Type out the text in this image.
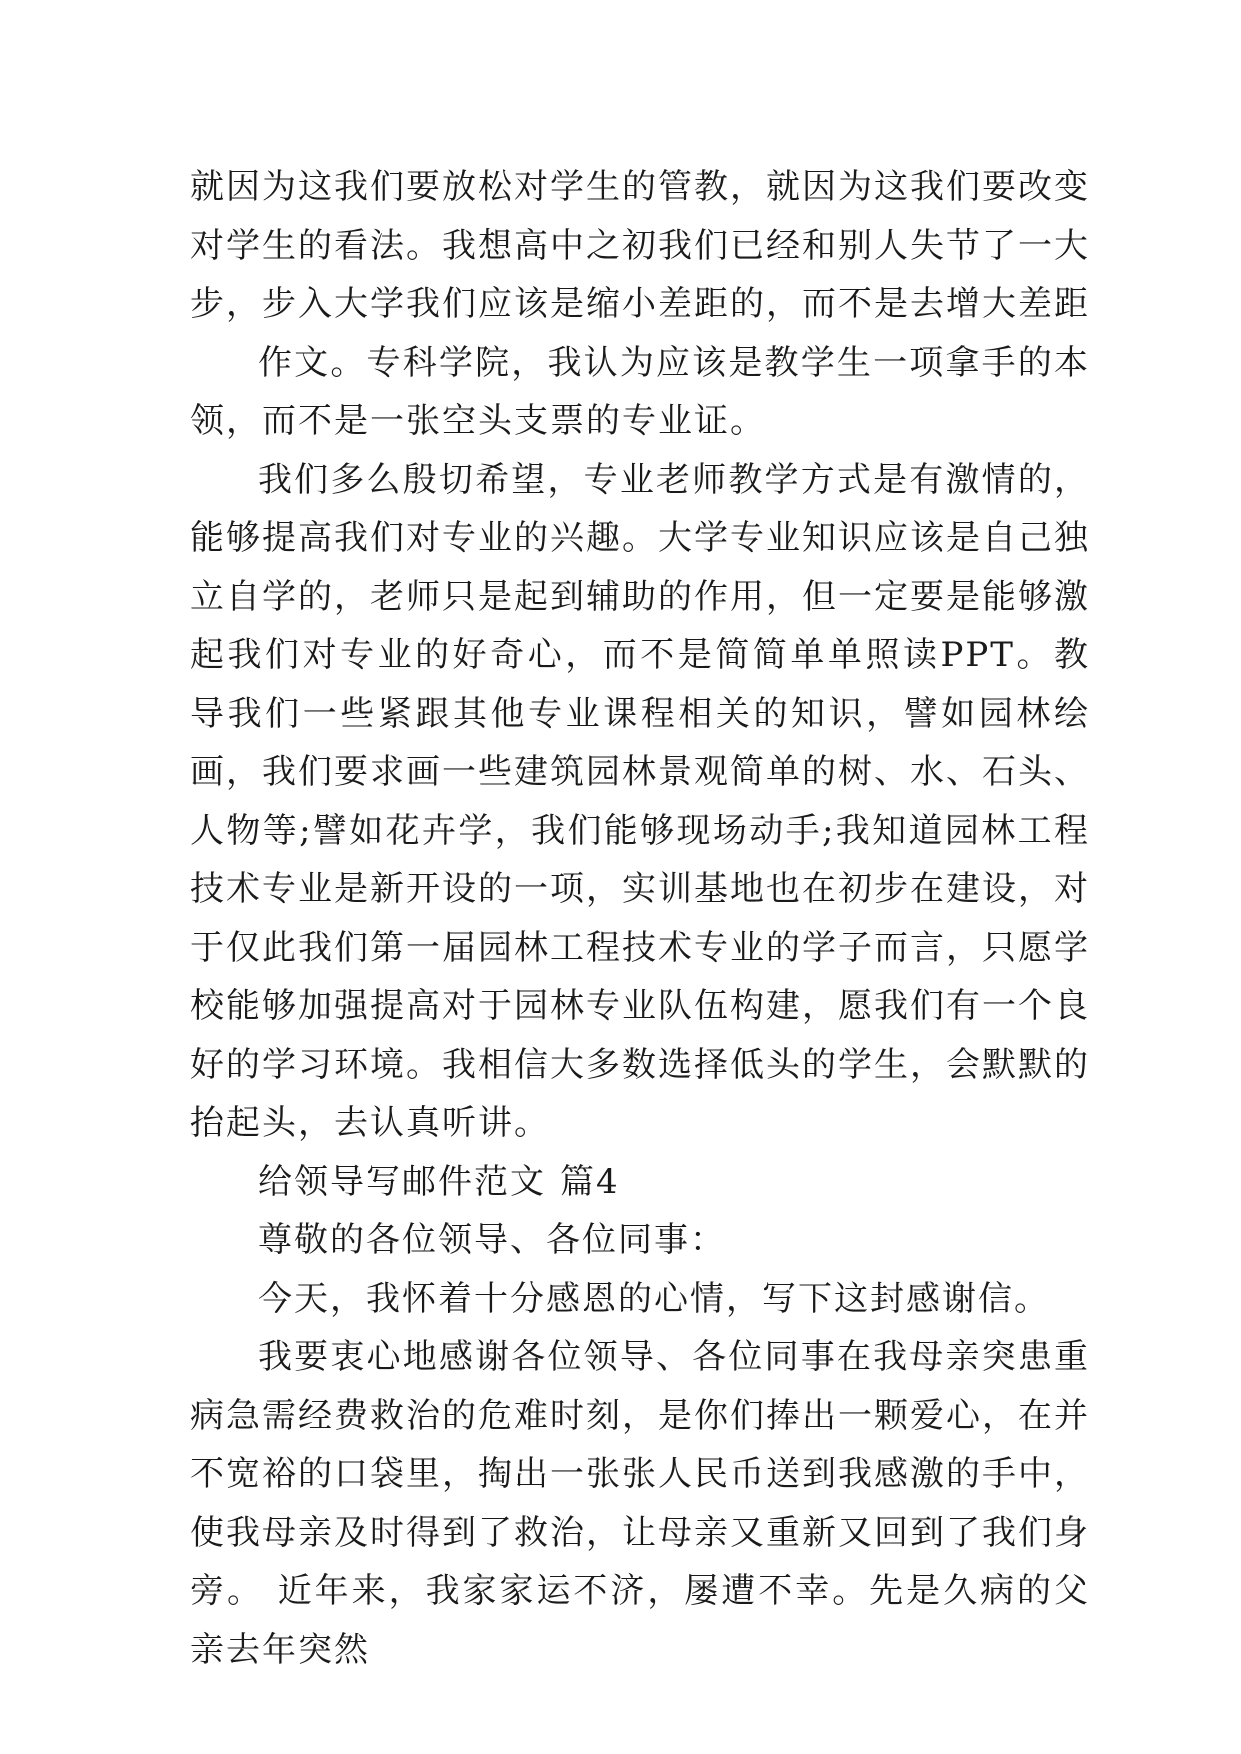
就因为这我们要放松对学生的管教，就因为这我们要改变对学生的看法。我想高中之初我们已经和别人失节了一大步，步入大学我们应该是缩小差距的，而不是去增大差距

作文。专科学院，我认为应该是教学生一项拿手的本领，而不是一张空头支票的专业证。

我们多么殷切希望，专业老师教学方式是有激情的，能够提高我们对专业的兴趣。大学专业知识应该是自己独立自学的，老师只是起到辅助的作用，但一定要是能够激起我们对专业的好奇心，而不是简简单单照读PPT。教导我们一些紧跟其他专业课程相关的知识，譬如园林绘画，我们要求画一些建筑园林景观简单的树、水、石头、人物等;譬如花卉学，我们能够现场动手;我知道园林工程技术专业是新开设的一项，实训基地也在初步在建设，对于仅此我们第一届园林工程技术专业的学子而言，只愿学校能够加强提高对于园林专业队伍构建，愿我们有一个良好的学习环境。我相信大多数选择低头的学生，会默默的抬起头，去认真听讲。

给领导写邮件范文 篇4

尊敬的各位领导、各位同事：

今天，我怀着十分感恩的心情，写下这封感谢信。

我要衷心地感谢各位领导、各位同事在我母亲突患重病急需经费救治的危难时刻，是你们捧出一颗爱心，在并不宽裕的口袋里，掏出一张张人民币送到我感激的手中，使我母亲及时得到了救治，让母亲又重新又回到了我们身旁。 近年来，我家家运不济，屡遭不幸。先是久病的父亲去年突然
